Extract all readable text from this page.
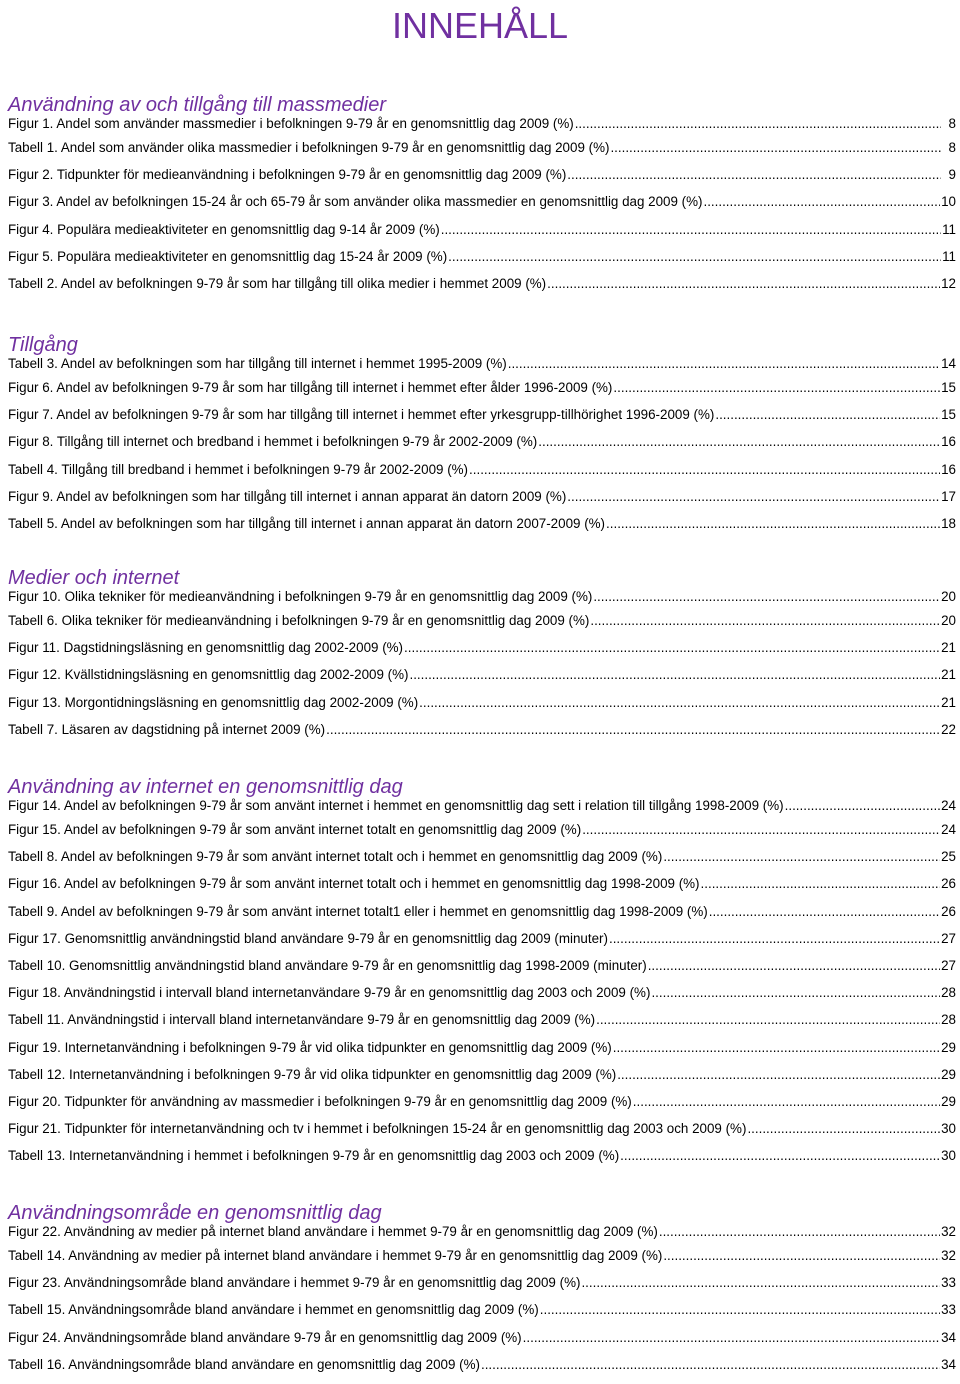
INNEHÅLL
Användning av och tillgång till massmedier
Figur 1. Andel som använder massmedier i befolkningen 9-79 år en genomsnittlig dag 2009 (%) .....	8
Tabell 1. Andel som använder olika massmedier i befolkningen 9-79 år en genomsnittlig dag 2009 (%) .....	8
Figur 2. Tidpunkter för medieanvändning i befolkningen 9-79 år en genomsnittlig dag 2009 (%) .....	9
Figur 3. Andel av befolkningen 15-24 år och 65-79 år som använder olika massmedier en genomsnittlig dag 2009 (%) .....	10
Figur 4. Populära medieaktiviteter en genomsnittlig dag 9-14 år 2009 (%) .....	11
Figur 5. Populära medieaktiviteter en genomsnittlig dag 15-24 år 2009 (%) .....	11
Tabell 2. Andel av befolkningen 9-79 år som har tillgång till olika medier i hemmet 2009 (%) .....	12
Tillgång
Tabell 3. Andel av befolkningen som har tillgång till internet i hemmet 1995-2009 (%) .....	14
Figur 6. Andel av befolkningen 9-79 år som har tillgång till internet i hemmet efter ålder 1996-2009 (%) .....	15
Figur 7. Andel av befolkningen 9-79 år som har tillgång till internet i hemmet efter yrkesgrupp-tillhörighet 1996-2009 (%) .....	15
Figur 8. Tillgång till internet och bredband i hemmet i befolkningen 9-79 år 2002-2009 (%) .....	16
Tabell 4. Tillgång till bredband i hemmet i befolkningen 9-79 år 2002-2009 (%) .....	16
Figur 9. Andel av befolkningen som har tillgång till internet i annan apparat än datorn 2009 (%) .....	17
Tabell 5. Andel av befolkningen som har tillgång till internet i annan apparat än datorn 2007-2009 (%) .....	18
Medier och internet
Figur 10. Olika tekniker för medieanvändning i befolkningen 9-79 år en genomsnittlig dag 2009 (%) .....	20
Tabell 6. Olika tekniker för medieanvändning i befolkningen 9-79 år en genomsnittlig dag 2009 (%) .....	20
Figur 11. Dagstidningsläsning en genomsnittlig dag 2002-2009 (%) .....	21
Figur 12. Kvällstidningsläsning en genomsnittlig dag 2002-2009 (%) .....	21
Figur 13. Morgontidningsläsning en genomsnittlig dag 2002-2009 (%) .....	21
Tabell 7. Läsaren av dagstidning på internet 2009 (%) .....	22
Användning av internet en genomsnittlig dag
Figur 14. Andel av befolkningen 9-79 år som använt internet i hemmet en genomsnittlig dag sett i relation till tillgång 1998-2009 (%) .....	24
Figur 15. Andel av befolkningen 9-79 år som använt internet totalt en genomsnittlig dag 2009 (%) .....	24
Tabell 8. Andel av befolkningen 9-79 år som använt internet totalt och i hemmet en genomsnittlig dag 2009 (%) .....	25
Figur 16. Andel av befolkningen 9-79 år som använt internet totalt och i hemmet en genomsnittlig dag 1998-2009 (%) .....	26
Tabell 9. Andel av befolkningen 9-79 år som använt internet totalt1 eller i hemmet en genomsnittlig dag 1998-2009 (%) .....	26
Figur 17. Genomsnittlig användningstid bland användare 9-79 år en genomsnittlig dag 2009 (minuter) .....	27
Tabell 10. Genomsnittlig användningstid bland användare 9-79 år en genomsnittlig dag 1998-2009 (minuter) .....	27
Figur 18. Användningstid i intervall bland internetanvändare 9-79 år en genomsnittlig dag 2003 och 2009 (%) .....	28
Tabell 11. Användningstid i intervall bland internetanvändare 9-79 år en genomsnittlig dag 2009 (%) .....	28
Figur 19. Internetanvändning i befolkningen 9-79 år vid olika tidpunkter en genomsnittlig dag 2009 (%) .....	29
Tabell 12. Internetanvändning i befolkningen 9-79 år vid olika tidpunkter en genomsnittlig dag 2009 (%) .....	29
Figur 20. Tidpunkter för användning av massmedier i befolkningen 9-79 år en genomsnittlig dag 2009 (%) .....	29
Figur 21. Tidpunkter för internetanvändning och tv i hemmet i befolkningen 15-24 år en genomsnittlig dag 2003 och 2009 (%) .....	30
Tabell 13. Internetanvändning i hemmet i befolkningen 9-79 år en genomsnittlig dag 2003 och 2009 (%) .....	30
Användningsområde en genomsnittlig dag
Figur 22. Användning av medier på internet bland användare i hemmet 9-79 år en genomsnittlig dag 2009 (%) .....	32
Tabell 14. Användning av medier på internet bland användare i hemmet 9-79 år en genomsnittlig dag 2009 (%) .....	32
Figur 23. Användningsområde bland användare i hemmet 9-79 år en genomsnittlig dag 2009 (%) .....	33
Tabell 15. Användningsområde bland användare i hemmet en genomsnittlig dag 2009 (%) .....	33
Figur 24. Användningsområde bland användare 9-79 år en genomsnittlig dag 2009 (%) .....	34
Tabell 16. Användningsområde bland användare en genomsnittlig dag 2009 (%) .....	34
